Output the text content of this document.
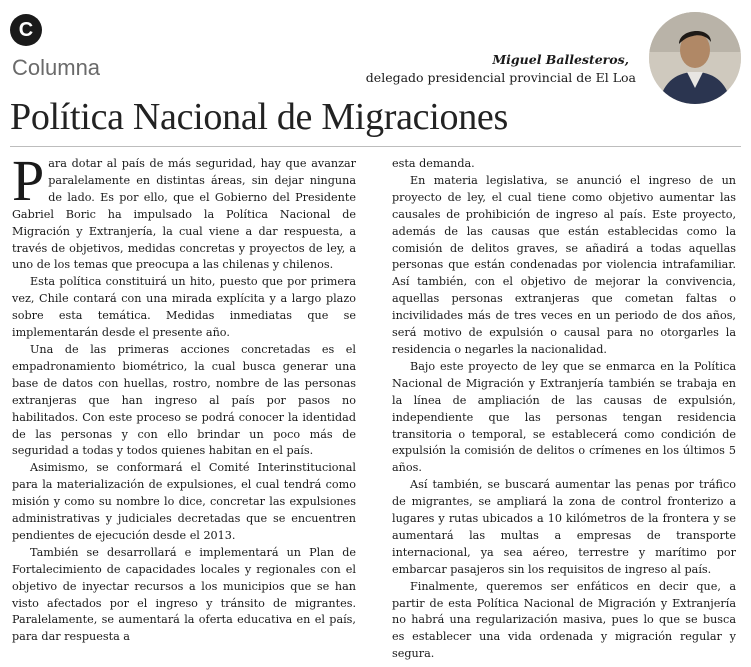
C
Columna	Miguel Ballesteros,
delegado presidencial provincial de El Loa
Política Nacional de Migraciones

Para dotar al país de más seguridad, hay que avanzar paralelamente en distintas áreas, sin dejar ninguna de lado. Es por ello, que el Gobierno del Presidente Gabriel Boric ha impulsado la Política Nacional de Migración y Extranjería, la cual viene a dar respuesta, a través de objetivos, medidas concretas y proyectos de ley, a uno de los temas que preocupa a las chilenas y chilenos.

Esta política constituirá un hito, puesto que por primera vez, Chile contará con una mirada explícita y a largo plazo sobre esta temática. Medidas inmediatas que se implementarán desde el presente año.

Una de las primeras acciones concretadas es el empadronamiento biométrico, la cual busca generar una base de datos con huellas, rostro, nombre de las personas extranjeras que han ingreso al país por pasos no habilitados. Con este proceso se podrá conocer la identidad de las personas y con ello brindar un poco más de seguridad a todas y todos quienes habitan en el país.

Asimismo, se conformará el Comité Interinstitucional para la materialización de expulsiones, el cual tendrá como misión y como su nombre lo dice, concretar las expulsiones administrativas y judiciales decretadas que se encuentren pendientes de ejecución desde el 2013.

También se desarrollará e implementará un Plan de Fortalecimiento de capacidades locales y regionales con el objetivo de inyectar recursos a los municipios que se han visto afectados por el ingreso y tránsito de migrantes. Paralelamente, se aumentará la oferta educativa en el país, para dar respuesta a

esta demanda.

En materia legislativa, se anunció el ingreso de un proyecto de ley, el cual tiene como objetivo aumentar las causales de prohibición de ingreso al país. Este proyecto, además de las causas que están establecidas como la comisión de delitos graves, se añadirá a todas aquellas personas que están condenadas por violencia intrafamiliar. Así también, con el objetivo de mejorar la convivencia, aquellas personas extranjeras que cometan faltas o incivilidades más de tres veces en un periodo de dos años, será motivo de expulsión o causal para no otorgarles la residencia o negarles la nacionalidad.

Bajo este proyecto de ley que se enmarca en la Política Nacional de Migración y Extranjería también se trabaja en la línea de ampliación de las causas de expulsión, independiente que las personas tengan residencia transitoria o temporal, se establecerá como condición de expulsión la comisión de delitos o crímenes en los últimos 5 años.

Así también, se buscará aumentar las penas por tráfico de migrantes, se ampliará la zona de control fronterizo a lugares y rutas ubicados a 10 kilómetros de la frontera y se aumentará las multas a empresas de transporte internacional, ya sea aéreo, terrestre y marítimo por embarcar pasajeros sin los requisitos de ingreso al país.

Finalmente, queremos ser enfáticos en decir que, a partir de esta Política Nacional de Migración y Extranjería no habrá una regularización masiva, pues lo que se busca es establecer una vida ordenada y migración regular y segura.
